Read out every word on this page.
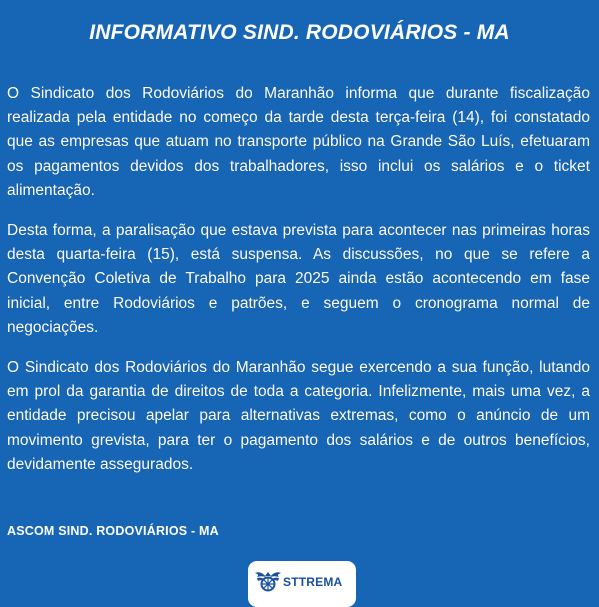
INFORMATIVO SIND. RODOVIÁRIOS - MA
O Sindicato dos Rodoviários do Maranhão informa que durante fiscalização realizada pela entidade no começo da tarde desta terça-feira (14), foi constatado que as empresas que atuam no transporte público na Grande São Luís, efetuaram os pagamentos devidos dos trabalhadores, isso inclui os salários e o ticket alimentação.
Desta forma, a paralisação que estava prevista para acontecer nas primeiras horas desta quarta-feira (15), está suspensa. As discussões, no que se refere a Convenção Coletiva de Trabalho para 2025 ainda estão acontecendo em fase inicial, entre Rodoviários e patrões, e seguem o cronograma normal de negociações.
O Sindicato dos Rodoviários do Maranhão segue exercendo a sua função, lutando em prol da garantia de direitos de toda a categoria. Infelizmente, mais uma vez, a entidade precisou apelar para alternativas extremas, como o anúncio de um movimento grevista, para ter o pagamento dos salários e de outros benefícios, devidamente assegurados.
ASCOM SIND. RODOVIÁRIOS - MA
STTREMA
